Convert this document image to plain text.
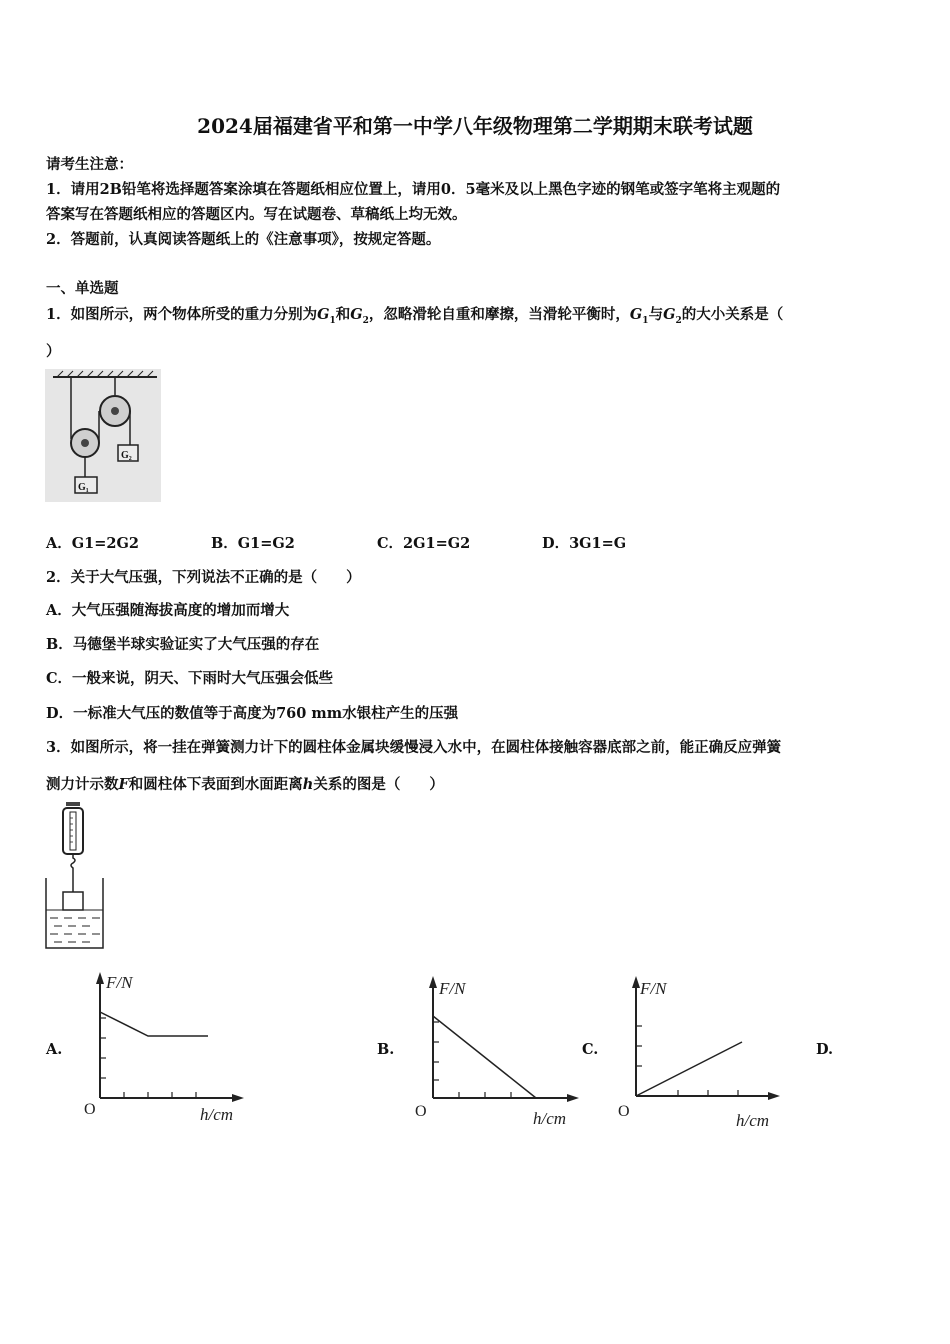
2024届福建省平和第一中学八年级物理第二学期期末联考试题
请考生注意：
1．请用2B铅笔将选择题答案涂填在答题纸相应位置上，请用0．5毫米及以上黑色字迹的钢笔或签字笔将主观题的
答案写在答题纸相应的答题区内。写在试题卷、草稿纸上均无效。
2．答题前，认真阅读答题纸上的《注意事项》，按规定答题。
一、单选题
1．如图所示，两个物体所受的重力分别为$G_1$和$G_2$，忽略滑轮自重和摩擦，当滑轮平衡时，$G_1$与$G_2$的大小关系是（
）
G₂
G₁
A．G1=2G2	B．G1=G2	C．2G1=G2	D．3G1=G
2．关于大气压强，下列说法不正确的是（　　）
A．大气压强随海拔高度的增加而增大
B．马德堡半球实验证实了大气压强的存在
C．一般来说，阴天、下雨时大气压强会低些
D．一标准大气压的数值等于高度为760 mm水银柱产生的压强
3．如图所示，将一挂在弹簧测力计下的圆柱体金属块缓慢浸入水中，在圆柱体接触容器底部之前，能正确反应弹簧
测力计示数F和圆柱体下表面到水面距离h关系的图是（　　）
A.	B.	C.	D.
F/N
O	h/cm
F/N
O	h/cm
F/N
O	h/cm
